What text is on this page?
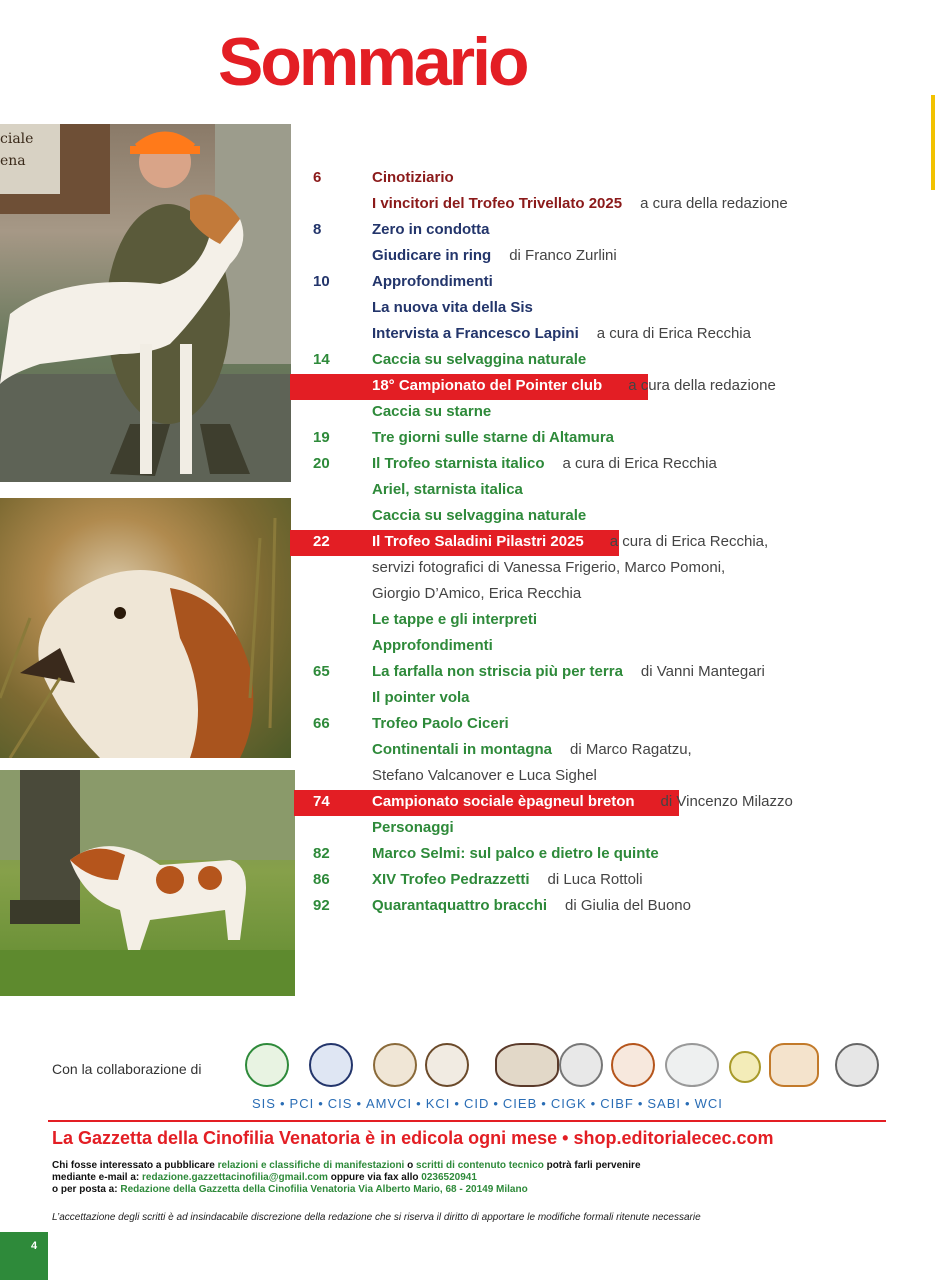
Sommario
ciale
ena
6	Cinotiziario
I vincitori del Trofeo Trivellato 2025 a cura della redazione
8	Zero in condotta
Giudicare in ring di Franco Zurlini
10	Approfondimenti
La nuova vita della Sis
Intervista a Francesco Lapini a cura di Erica Recchia
14	Caccia su selvaggina naturale
18° Campionato del Pointer club a cura della redazione
Caccia su starne
19	Tre giorni sulle starne di Altamura
20	Il Trofeo starnista italico a cura di Erica Recchia
Ariel, starnista italica
Caccia su selvaggina naturale
22	Il Trofeo Saladini Pilastri 2025 a cura di Erica Recchia,
servizi fotografici di Vanessa Frigerio, Marco Pomoni,
Giorgio D’Amico, Erica Recchia
Le tappe e gli interpreti
Approfondimenti
65	La farfalla non striscia più per terra di Vanni Mantegari
Il pointer vola
66	Trofeo Paolo Ciceri
Continentali in montagna di Marco Ragatzu,
Stefano Valcanover e Luca Sighel
74	Campionato sociale èpagneul breton di Vincenzo Milazzo
Personaggi
82	Marco Selmi: sul palco e dietro le quinte
86	XIV Trofeo Pedrazzetti di Luca Rottoli
92	Quarantaquattro bracchi di Giulia del Buono
Con la collaborazione di
SIS • PCI • CIS • AMVCI • KCI • CID • CIEB • CIGK • CIBF • SABI • WCI
La Gazzetta della Cinofilia Venatoria è in edicola ogni mese • shop.editorialecec.com
Chi fosse interessato a pubblicare relazioni e classifiche di manifestazioni o scritti di contenuto tecnico potrà farli pervenire
mediante e-mail a: redazione.gazzettacinofilia@gmail.com oppure via fax allo 0236520941
o per posta a: Redazione della Gazzetta della Cinofilia Venatoria Via Alberto Mario, 68 - 20149 Milano
L’accettazione degli scritti è ad insindacabile discrezione della redazione che si riserva il diritto di apportare le modifiche formali ritenute necessarie
4
